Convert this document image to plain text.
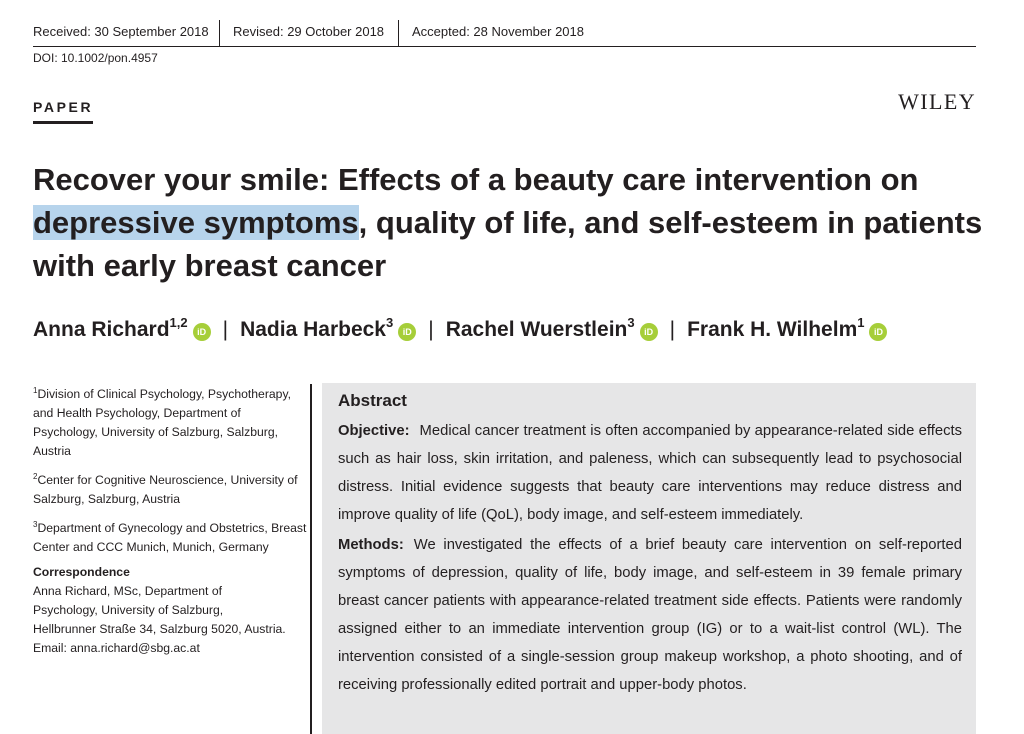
Received: 30 September 2018 Revised: 29 October 2018 Accepted: 28 November 2018
DOI: 10.1002/pon.4957
PAPER	WILEY
Recover your smile: Effects of a beauty care intervention on
depressive symptoms, quality of life, and self-esteem in patients with early breast cancer
Anna Richard$^{1,2}$iD | Nadia Harbeck$^3$iD | Rachel Wuerstlein$^3$iD | Frank H. Wilhelm$^1$iD

$^1$Division of Clinical Psychology, Psychotherapy, and Health Psychology, Department of Psychology, University of Salzburg, Salzburg, Austria

$^2$Center for Cognitive Neuroscience, University of Salzburg, Salzburg, Austria

$^3$Department of Gynecology and Obstetrics, Breast Center and CCC Munich, Munich, Germany

Correspondence
Anna Richard, MSc, Department of
Psychology, University of Salzburg,
Hellbrunner Straße 34, Salzburg 5020, Austria.
Email: anna.richard@sbg.ac.at
Abstract

Objective: Medical cancer treatment is often accompanied by appearance-related side effects such as hair loss, skin irritation, and paleness, which can subsequently lead to psychosocial distress. Initial evidence suggests that beauty care interventions may reduce distress and improve quality of life (QoL), body image, and self-esteem immediately.

Methods: We investigated the effects of a brief beauty care intervention on self-reported symptoms of depression, quality of life, body image, and self-esteem in 39 female primary breast cancer patients with appearance-related treatment side effects. Patients were randomly assigned either to an immediate intervention group (IG) or to a wait-list control (WL). The intervention consisted of a single-session group makeup workshop, a photo shooting, and of receiving professionally edited portrait and upper-body photos.
